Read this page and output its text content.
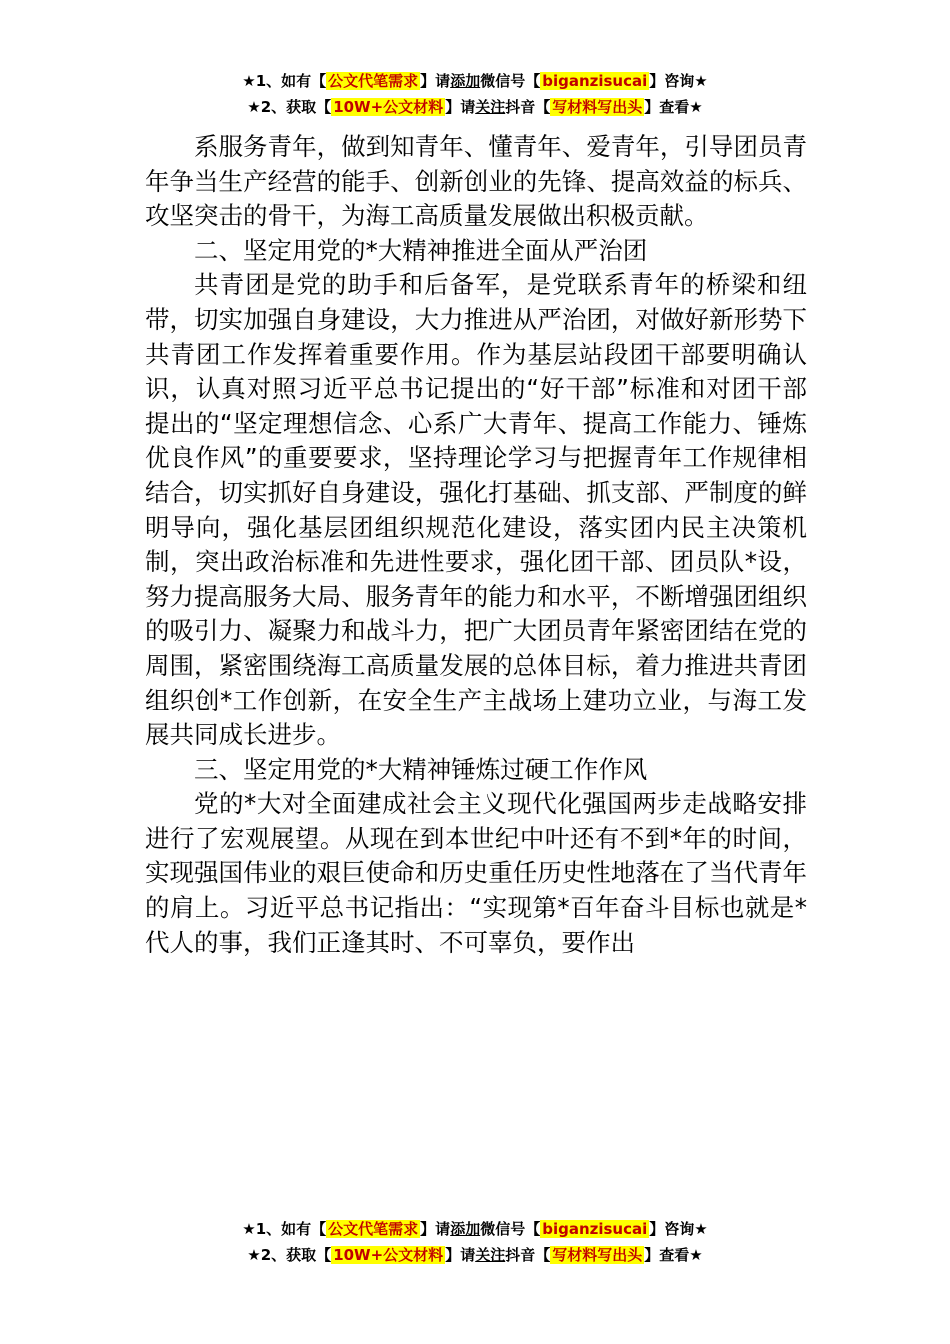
★1、如有【 公文代笔需求 】请添加微信号【 biganzisucai 】咨询★
★2、获取【 10W+公文材料 】请关注抖音【 写材料写出头 】查看★

系服务青年，做到知青年、懂青年、爱青年，引导团员青年争当生产经营的能手、创新创业的先锋、提高效益的标兵、攻坚突击的骨干，为海工高质量发展做出积极贡献。

二、坚定用党的*大精神推进全面从严治团

共青团是党的助手和后备军，是党联系青年的桥梁和纽带，切实加强自身建设，大力推进从严治团，对做好新形势下共青团工作发挥着重要作用。作为基层站段团干部要明确认识，认真对照习近平总书记提出的“好干部”标准和对团干部提出的“坚定理想信念、心系广大青年、提高工作能力、锤炼优良作风”的重要要求，坚持理论学习与把握青年工作规律相结合，切实抓好自身建设，强化打基础、抓支部、严制度的鲜明导向，强化基层团组织规范化建设，落实团内民主决策机制，突出政治标准和先进性要求，强化团干部、团员队*设，努力提高服务大局、服务青年的能力和水平，不断增强团组织的吸引力、凝聚力和战斗力，把广大团员青年紧密团结在党的周围，紧密围绕海工高质量发展的总体目标，着力推进共青团组织创*工作创新，在安全生产主战场上建功立业，与海工发展共同成长进步。

三、坚定用党的*大精神锤炼过硬工作作风

党的*大对全面建成社会主义现代化强国两步走战略安排进行了宏观展望。从现在到本世纪中叶还有不到*年的时间，实现强国伟业的艰巨使命和历史重任历史性地落在了当代青年的肩上。习近平总书记指出：“实现第*百年奋斗目标也就是*代人的事，我们正逢其时、不可辜负，要作出

★1、如有【 公文代笔需求 】请添加微信号【 biganzisucai 】咨询★
★2、获取【 10W+公文材料 】请关注抖音【 写材料写出头 】查看★
